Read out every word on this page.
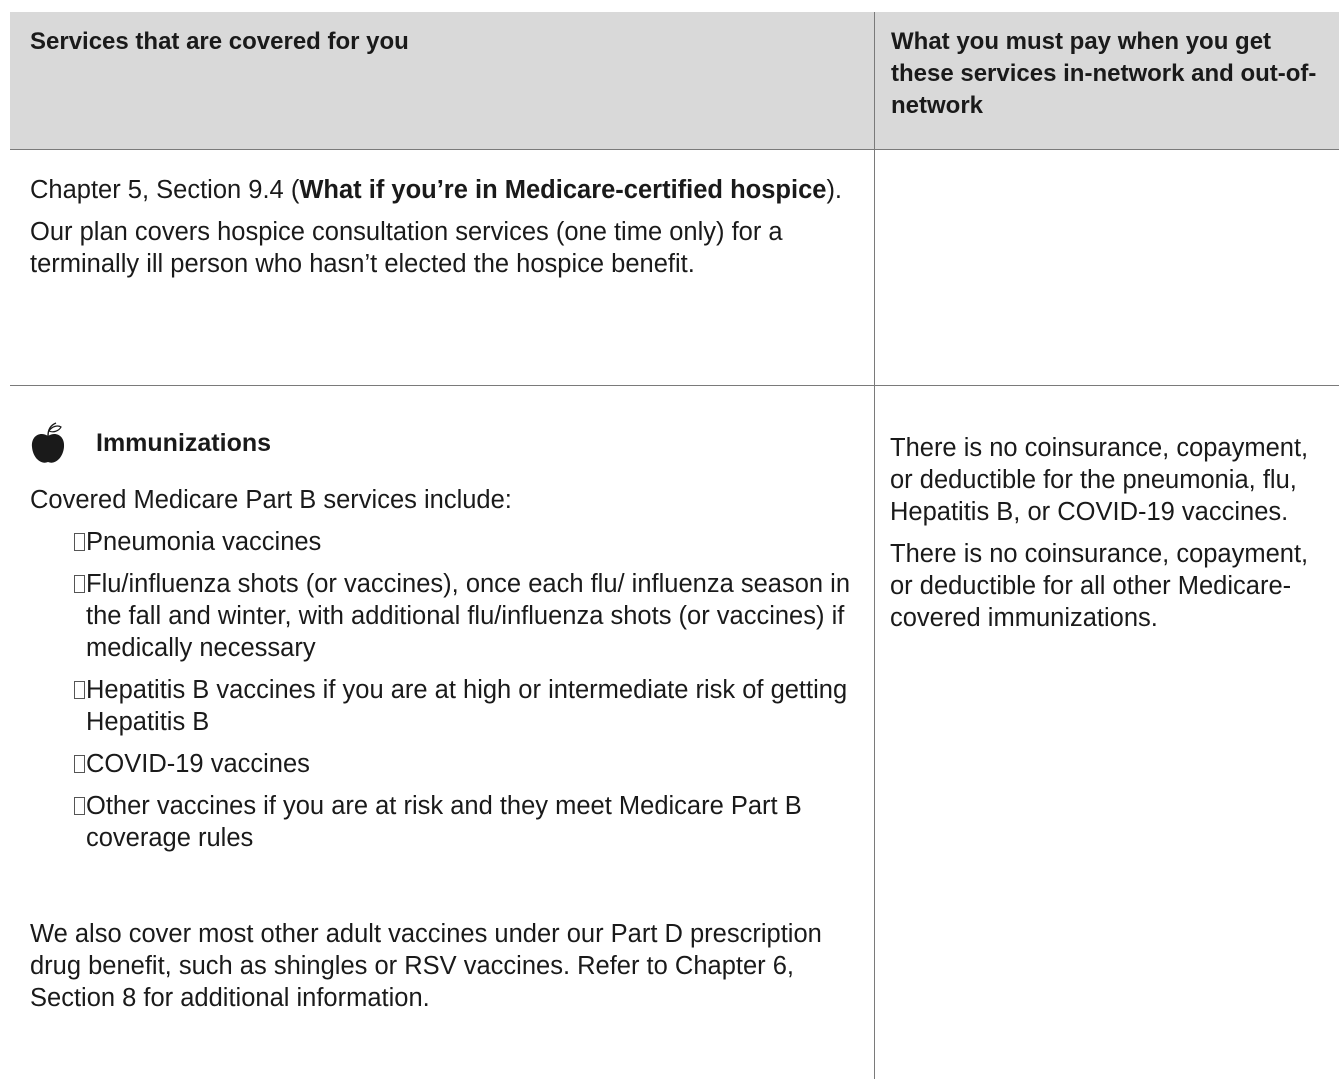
Services that are covered for you	What you must pay when you get these services in-network and out-of-network

Chapter 5, Section 9.4 (What if you’re in Medicare-certified hospice).

Our plan covers hospice consultation services (one time only) for a terminally ill person who hasn’t elected the hospice benefit.

Immunizations
Covered Medicare Part B services include:
Pneumonia vaccines
Flu/influenza shots (or vaccines), once each flu/ influenza season in the fall and winter, with additional flu/influenza shots (or vaccines) if medically necessary
Hepatitis B vaccines if you are at high or intermediate risk of getting Hepatitis B
COVID-19 vaccines
Other vaccines if you are at risk and they meet Medicare Part B coverage rules
We also cover most other adult vaccines under our Part D prescription drug benefit, such as shingles or RSV vaccines. Refer to Chapter 6, Section 8 for additional information.

There is no coinsurance, copayment, or deductible for the pneumonia, flu, Hepatitis B, or COVID-19 vaccines.

There is no coinsurance, copayment, or deductible for all other Medicare-covered immunizations.
